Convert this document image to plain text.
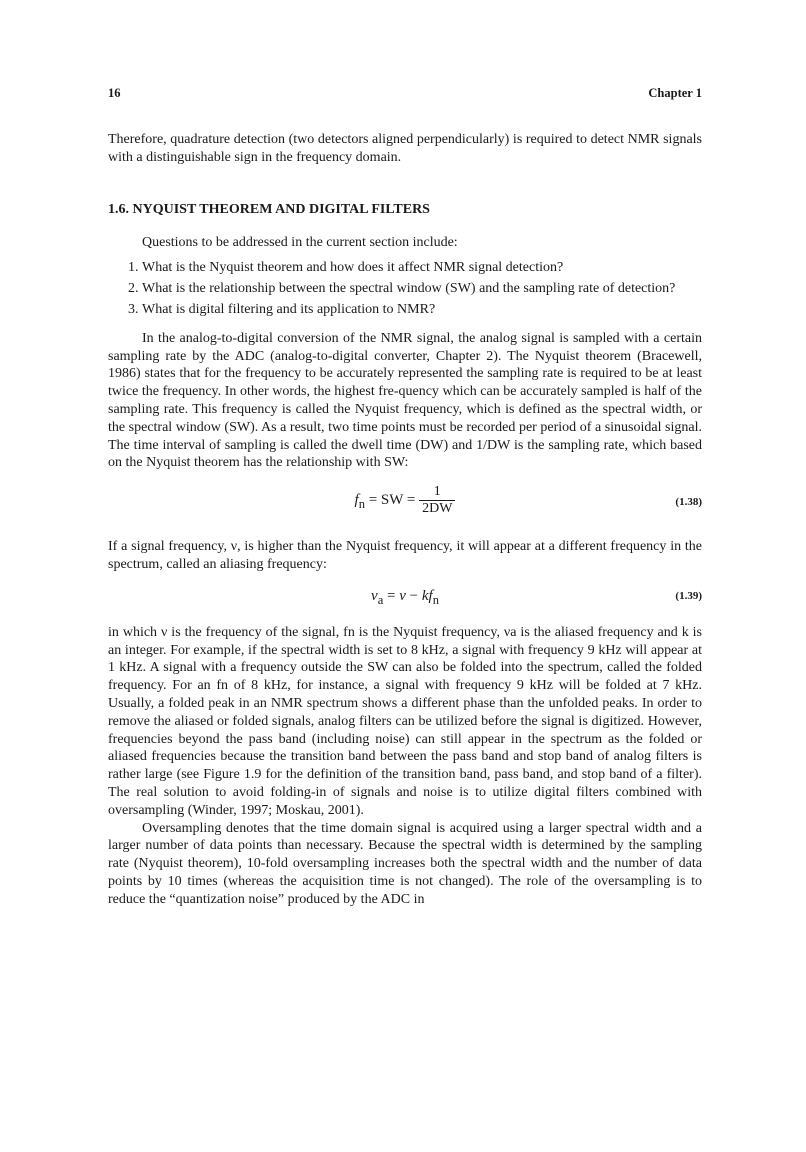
16	Chapter 1

Therefore, quadrature detection (two detectors aligned perpendicularly) is required to detect NMR signals with a distinguishable sign in the frequency domain.

1.6. NYQUIST THEOREM AND DIGITAL FILTERS

Questions to be addressed in the current section include:

1. What is the Nyquist theorem and how does it affect NMR signal detection?
2. What is the relationship between the spectral window (SW) and the sampling rate of detection?
3. What is digital filtering and its application to NMR?

In the analog-to-digital conversion of the NMR signal, the analog signal is sampled with a certain sampling rate by the ADC (analog-to-digital converter, Chapter 2). The Nyquist theorem (Bracewell, 1986) states that for the frequency to be accurately represented the sampling rate is required to be at least twice the frequency. In other words, the highest fre-quency which can be accurately sampled is half of the sampling rate. This frequency is called the Nyquist frequency, which is defined as the spectral width, or the spectral window (SW). As a result, two time points must be recorded per period of a sinusoidal signal. The time interval of sampling is called the dwell time (DW) and 1/DW is the sampling rate, which based on the Nyquist theorem has the relationship with SW:

$f_n$ = SW = $\frac{1}{2DW}$	(1.38)

If a signal frequency, ν, is higher than the Nyquist frequency, it will appear at a different frequency in the spectrum, called an aliasing frequency:

$\nu_a = \nu - kf_n$	(1.39)

in which ν is the frequency of the signal, fn is the Nyquist frequency, νa is the aliased frequency and k is an integer. For example, if the spectral width is set to 8 kHz, a signal with frequency 9 kHz will appear at 1 kHz. A signal with a frequency outside the SW can also be folded into the spectrum, called the folded frequency. For an fn of 8 kHz, for instance, a signal with frequency 9 kHz will be folded at 7 kHz. Usually, a folded peak in an NMR spectrum shows a different phase than the unfolded peaks. In order to remove the aliased or folded signals, analog filters can be utilized before the signal is digitized. However, frequencies beyond the pass band (including noise) can still appear in the spectrum as the folded or aliased frequencies because the transition band between the pass band and stop band of analog filters is rather large (see Figure 1.9 for the definition of the transition band, pass band, and stop band of a filter). The real solution to avoid folding-in of signals and noise is to utilize digital filters combined with oversampling (Winder, 1997; Moskau, 2001).

Oversampling denotes that the time domain signal is acquired using a larger spectral width and a larger number of data points than necessary. Because the spectral width is determined by the sampling rate (Nyquist theorem), 10-fold oversampling increases both the spectral width and the number of data points by 10 times (whereas the acquisition time is not changed). The role of the oversampling is to reduce the “quantization noise” produced by the ADC in
